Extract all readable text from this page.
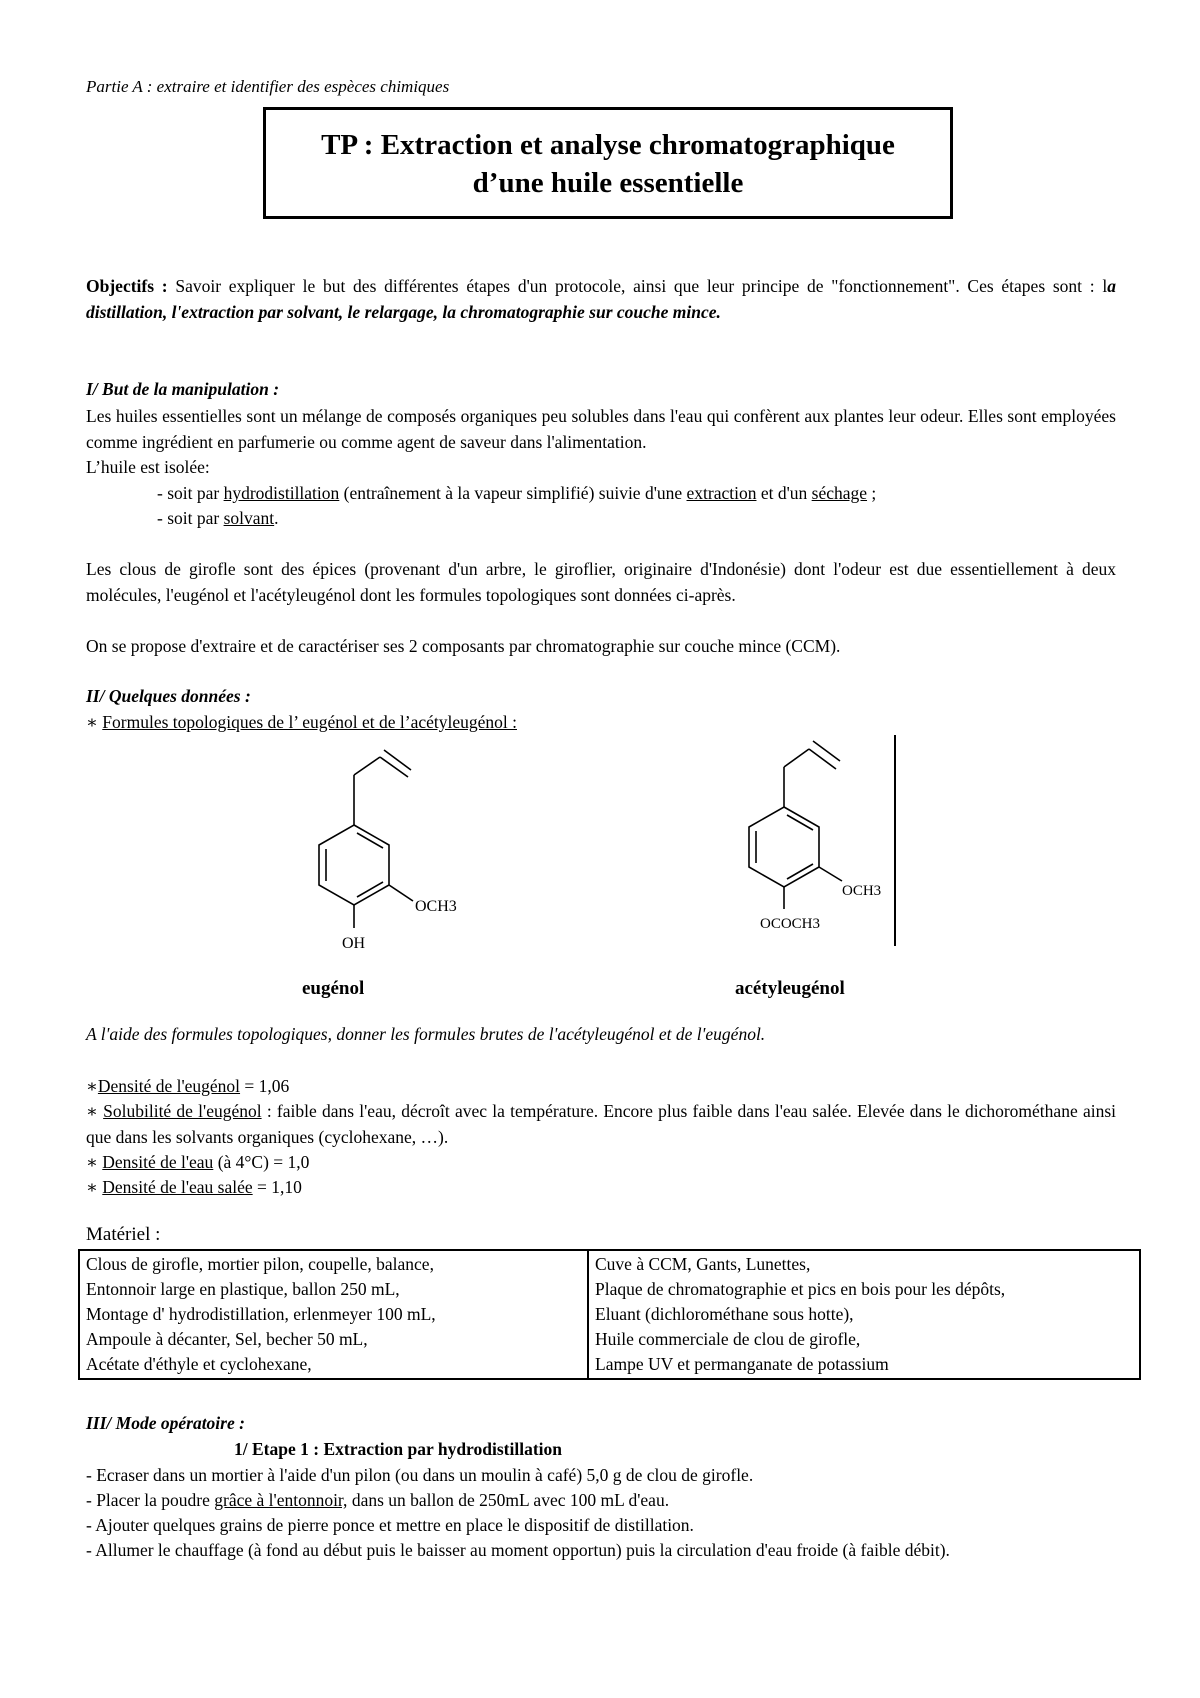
Partie A : extraire et identifier des espèces chimiques

TP : Extraction et analyse chromatographique
d’une huile essentielle

Objectifs : Savoir expliquer le but des différentes étapes d'un protocole, ainsi que leur principe de "fonctionnement". Ces étapes sont : la distillation, l'extraction par solvant, le relargage, la chromatographie sur couche mince.

I/ But de la manipulation :

Les huiles essentielles sont un mélange de composés organiques peu solubles dans l'eau qui confèrent aux plantes leur odeur. Elles sont employées comme ingrédient en parfumerie ou comme agent de saveur dans l'alimentation.

L’huile est isolée:

- soit par hydrodistillation (entraînement à la vapeur simplifié) suivie d'une extraction et d'un séchage ;

- soit par solvant.

Les clous de girofle sont des épices (provenant d'un arbre, le giroflier, originaire d'Indonésie) dont l'odeur est due essentiellement à deux molécules, l'eugénol et l'acétyleugénol dont les formules topologiques sont données ci-après.

On se propose d'extraire et de caractériser ses 2 composants par chromatographie sur couche mince (CCM).

II/ Quelques données :

∗ Formules topologiques de l’ eugénol et de l’acétyleugénol :

OCH3
OH
OCH3
OCOCH3

eugénol	acétyleugénol

A l'aide des formules topologiques, donner les formules brutes de l'acétyleugénol et de l'eugénol.

∗Densité de l'eugénol = 1,06

∗ Solubilité de l'eugénol : faible dans l'eau, décroît avec la température. Encore plus faible dans l'eau salée. Elevée dans le dichorométhane ainsi que dans les solvants organiques (cyclohexane, …).

∗ Densité de l'eau (à 4°C) = 1,0

∗ Densité de l'eau salée = 1,10

Matériel :

Clous de girofle, mortier pilon, coupelle, balance,
Entonnoir large en plastique, ballon 250 mL,
Montage d' hydrodistillation, erlenmeyer 100 mL,
Ampoule à décanter, Sel, becher 50 mL,
Acétate d'éthyle et cyclohexane,

Cuve à CCM, Gants, Lunettes,
Plaque de chromatographie et pics en bois pour les dépôts,
Eluant (dichlorométhane sous hotte),
Huile commerciale de clou de girofle,
Lampe UV et permanganate de potassium

III/ Mode opératoire :

1/ Etape 1 : Extraction par hydrodistillation

- Ecraser dans un mortier à l'aide d'un pilon (ou dans un moulin à café) 5,0 g de clou de girofle.

- Placer la poudre grâce à l'entonnoir, dans un ballon de 250mL avec 100 mL d'eau.

- Ajouter quelques grains de pierre ponce et mettre en place le dispositif de distillation.

- Allumer le chauffage (à fond au début puis le baisser au moment opportun) puis la circulation d'eau froide (à faible débit).
